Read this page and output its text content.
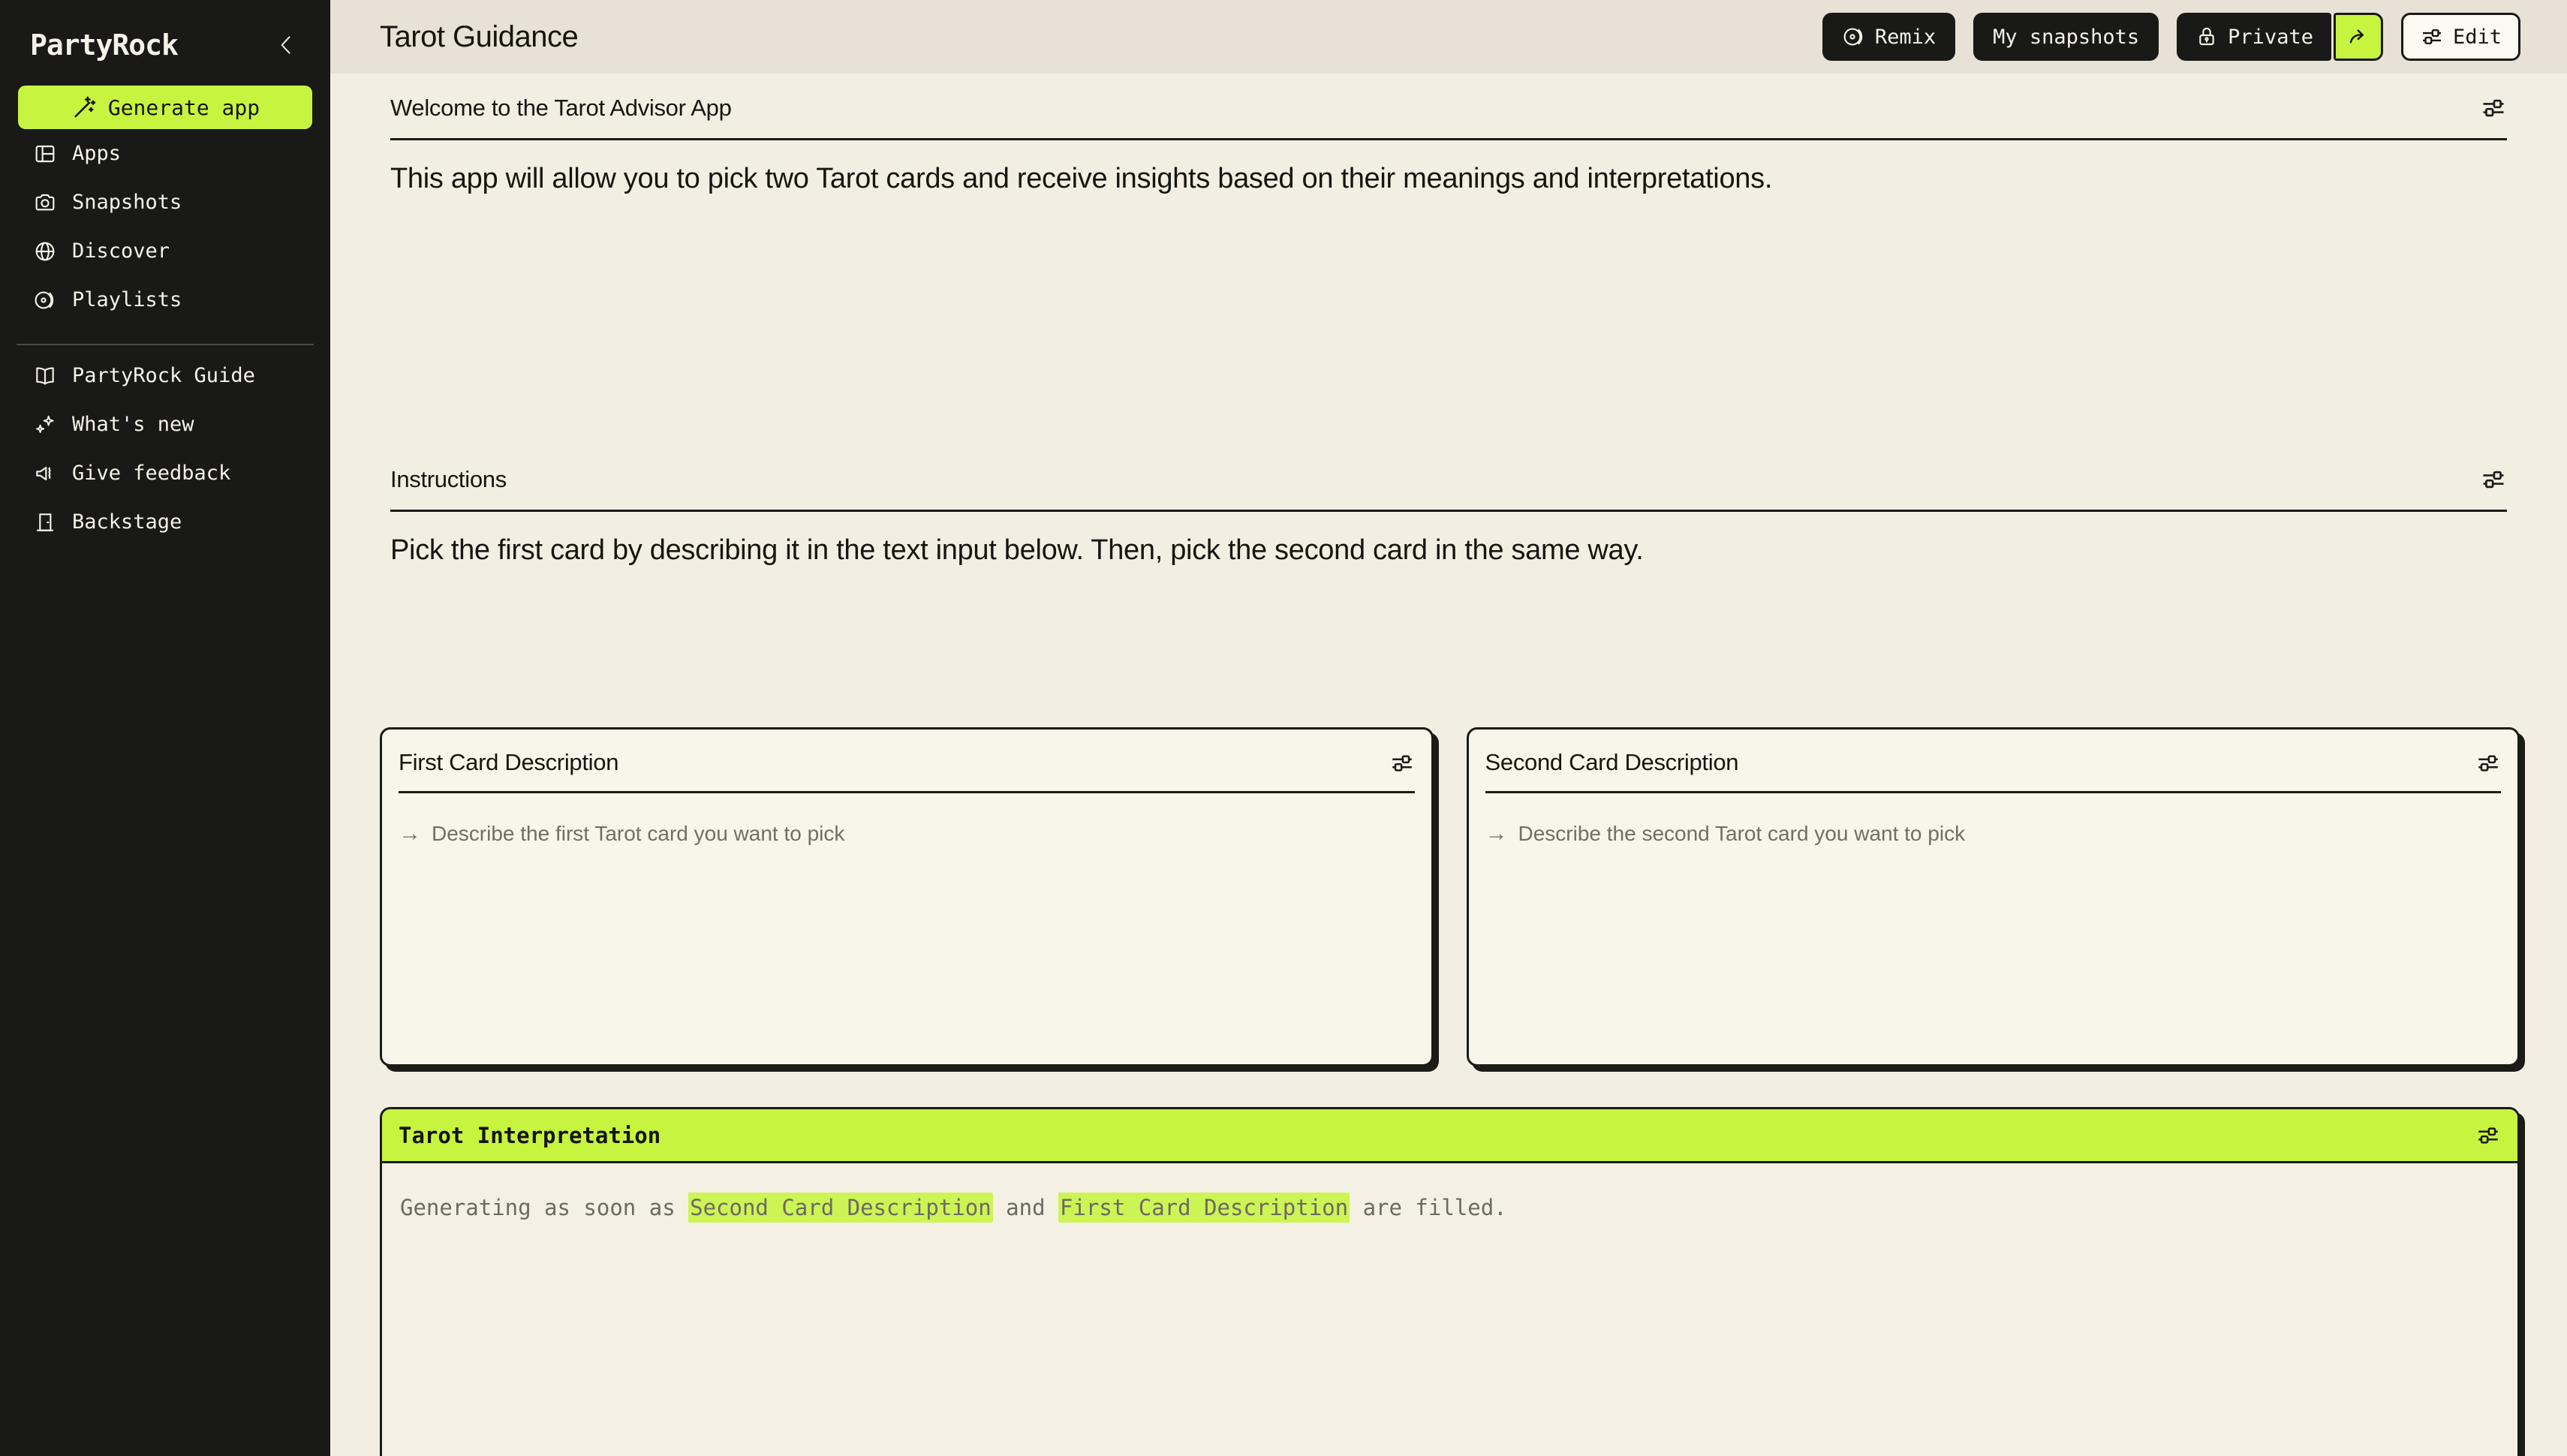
PartyRock
Generate app
Apps
Snapshots
Discover
Playlists
PartyRock Guide
What's new
Give feedback
Backstage
Tarot Guidance	Remix	My snapshots	Private	Edit
Welcome to the Tarot Advisor App

This app will allow you to pick two Tarot cards and receive insights based on their meanings and interpretations.

Instructions

Pick the first card by describing it in the text input below. Then, pick the second card in the same way.

First Card Description
→ Describe the first Tarot card you want to pick
Second Card Description
→ Describe the second Tarot card you want to pick
Tarot Interpretation

Generating as soon as Second Card Description and First Card Description are filled.
